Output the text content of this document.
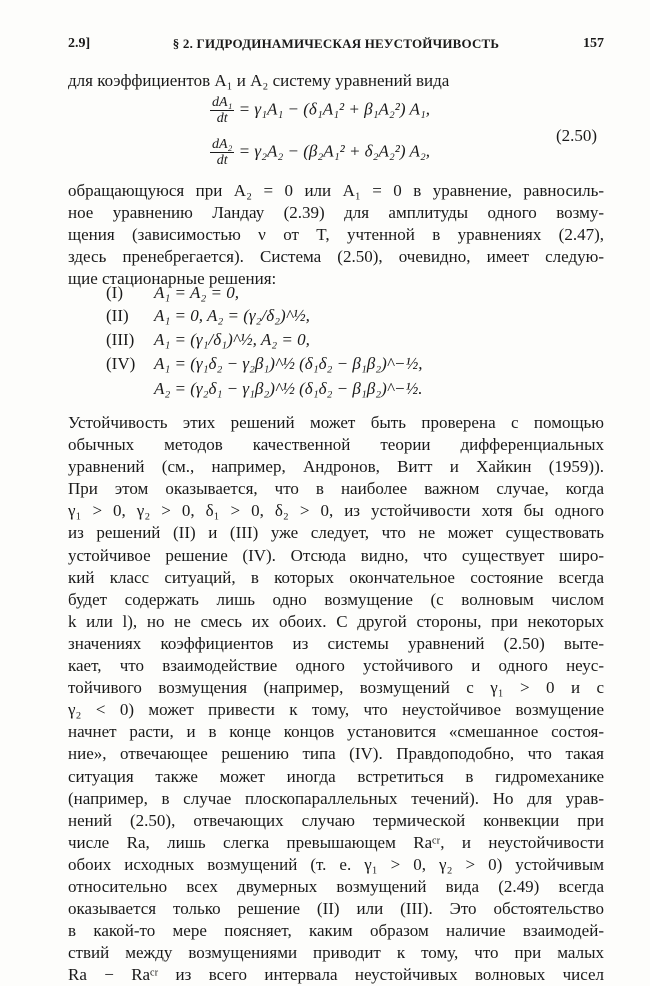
2.9]	§ 2. ГИДРОДИНАМИЧЕСКАЯ НЕУСТОЙЧИВОСТЬ	157
для коэффициентов A₁ и A₂ систему уравнений вида
$\frac{\text{dA₁}}{dt} = \gamma_1A_1 - (\delta_1A_1^2 + \beta_1A_2^2)$ A₁,
$\frac{\text{dA₂}}{dt} = \gamma_2A_2 - (\beta_2A_1^2 + \delta_2A_2^2)$ A₂,
(2.50)
обращающуюся при A₂ = 0 или A₁ = 0 в уравнение, равносиль-
ное уравнению Ландау (2.39) для амплитуды одного возму-
щения (зависимостью ν от T, учтенной в уравнениях (2.47),
здесь пренебрегается). Система (2.50), очевидно, имеет следую-
щие стационарные решения:
(I) A₁ = A₂ = 0,
(II) A₁ = 0, A₂ = (γ₂/δ₂)^½,
(III) A₁ = (γ₁/δ₁)^½, A₂ = 0,
(IV) A₁ = (γ₁δ₂ − γ₂β₁)^½ (δ₁δ₂ − β₁β₂)^−½,
A₂ = (γ₂δ₁ − γ₁β₂)^½ (δ₁δ₂ − β₁β₂)^−½.
Устойчивость этих решений может быть проверена с помощью
обычных методов качественной теории дифференциальных
уравнений (см., например, Андронов, Витт и Хайкин (1959)).
При этом оказывается, что в наиболее важном случае, когда
γ₁ > 0, γ₂ > 0, δ₁ > 0, δ₂ > 0, из устойчивости хотя бы одного
из решений (II) и (III) уже следует, что не может существовать
устойчивое решение (IV). Отсюда видно, что существует широ-
кий класс ситуаций, в которых окончательное состояние всегда
будет содержать лишь одно возмущение (с волновым числом
k или l), но не смесь их обоих. С другой стороны, при некоторых
значениях коэффициентов из системы уравнений (2.50) выте-
кает, что взаимодействие одного устойчивого и одного неус-
тойчивого возмущения (например, возмущений с γ₁ > 0 и с
γ₂ < 0) может привести к тому, что неустойчивое возмущение
начнет расти, и в конце концов установится «смешанное состоя-
ние», отвечающее решению типа (IV). Правдоподобно, что такая
ситуация также может иногда встретиться в гидромеханике
(например, в случае плоскопараллельных течений). Но для урав-
нений (2.50), отвечающих случаю термической конвекции при
числе Ra, лишь слегка превышающем Raᶜʳ, и неустойчивости
обоих исходных возмущений (т. е. γ₁ > 0, γ₂ > 0) устойчивым
относительно всех двумерных возмущений вида (2.49) всегда
оказывается только решение (II) или (III). Это обстоятельство
в какой-то мере поясняет, каким образом наличие взаимодей-
ствий между возмущениями приводит к тому, что при малых
Ra − Raᶜʳ из всего интервала неустойчивых волновых чисел
